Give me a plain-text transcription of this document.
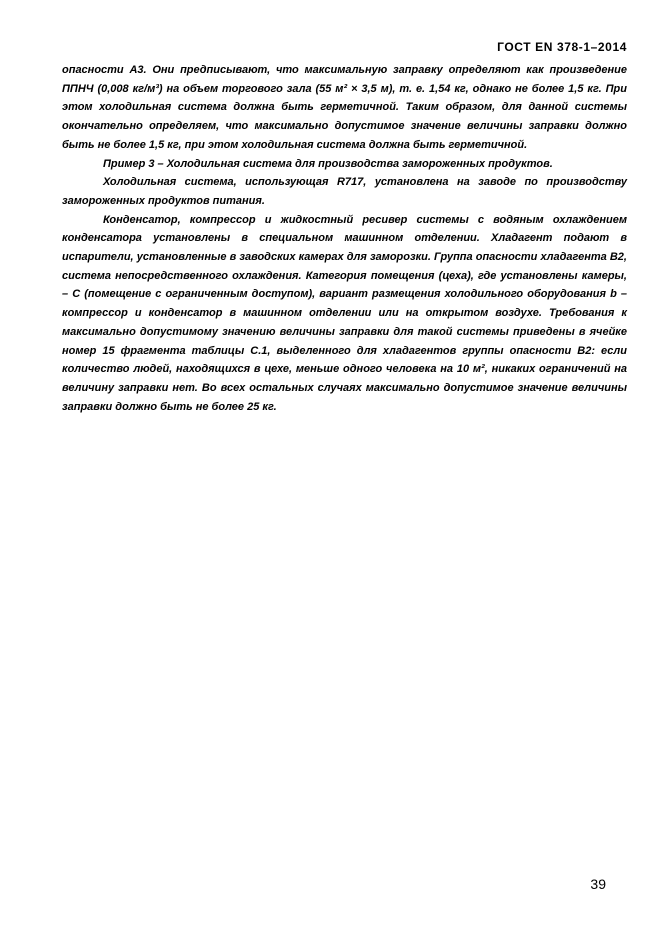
ГОСТ EN 378-1–2014

опасности A3. Они предписывают, что максимальную заправку определяют как произведение ППНЧ (0,008 кг/м³) на объем торгового зала (55 м² × 3,5 м), т. е. 1,54 кг, однако не более 1,5 кг. При этом холодильная система должна быть герметичной. Таким образом, для данной системы окончательно определяем, что максимально допустимое значение величины заправки должно быть не более 1,5 кг, при этом холодильная система должна быть герметичной.

Пример 3 – Холодильная система для производства замороженных продуктов.

Холодильная система, использующая R717, установлена на заводе по производству замороженных продуктов питания.

Конденсатор, компрессор и жидкостный ресивер системы с водяным охлаждением конденсатора установлены в специальном машинном отделении. Хладагент подают в испарители, установленные в заводских камерах для заморозки. Группа опасности хладагента B2, система непосредственного охлаждения. Категория помещения (цеха), где установлены камеры, – С (помещение с ограниченным доступом), вариант размещения холодильного оборудования b – компрессор и конденсатор в машинном отделении или на открытом воздухе. Требования к максимально допустимому значению величины заправки для такой системы приведены в ячейке номер 15 фрагмента таблицы С.1, выделенного для хладагентов группы опасности B2: если количество людей, находящихся в цехе, меньше одного человека на 10 м², никаких ограничений на величину заправки нет. Во всех остальных случаях максимально допустимое значение величины заправки должно быть не более 25 кг.

39
